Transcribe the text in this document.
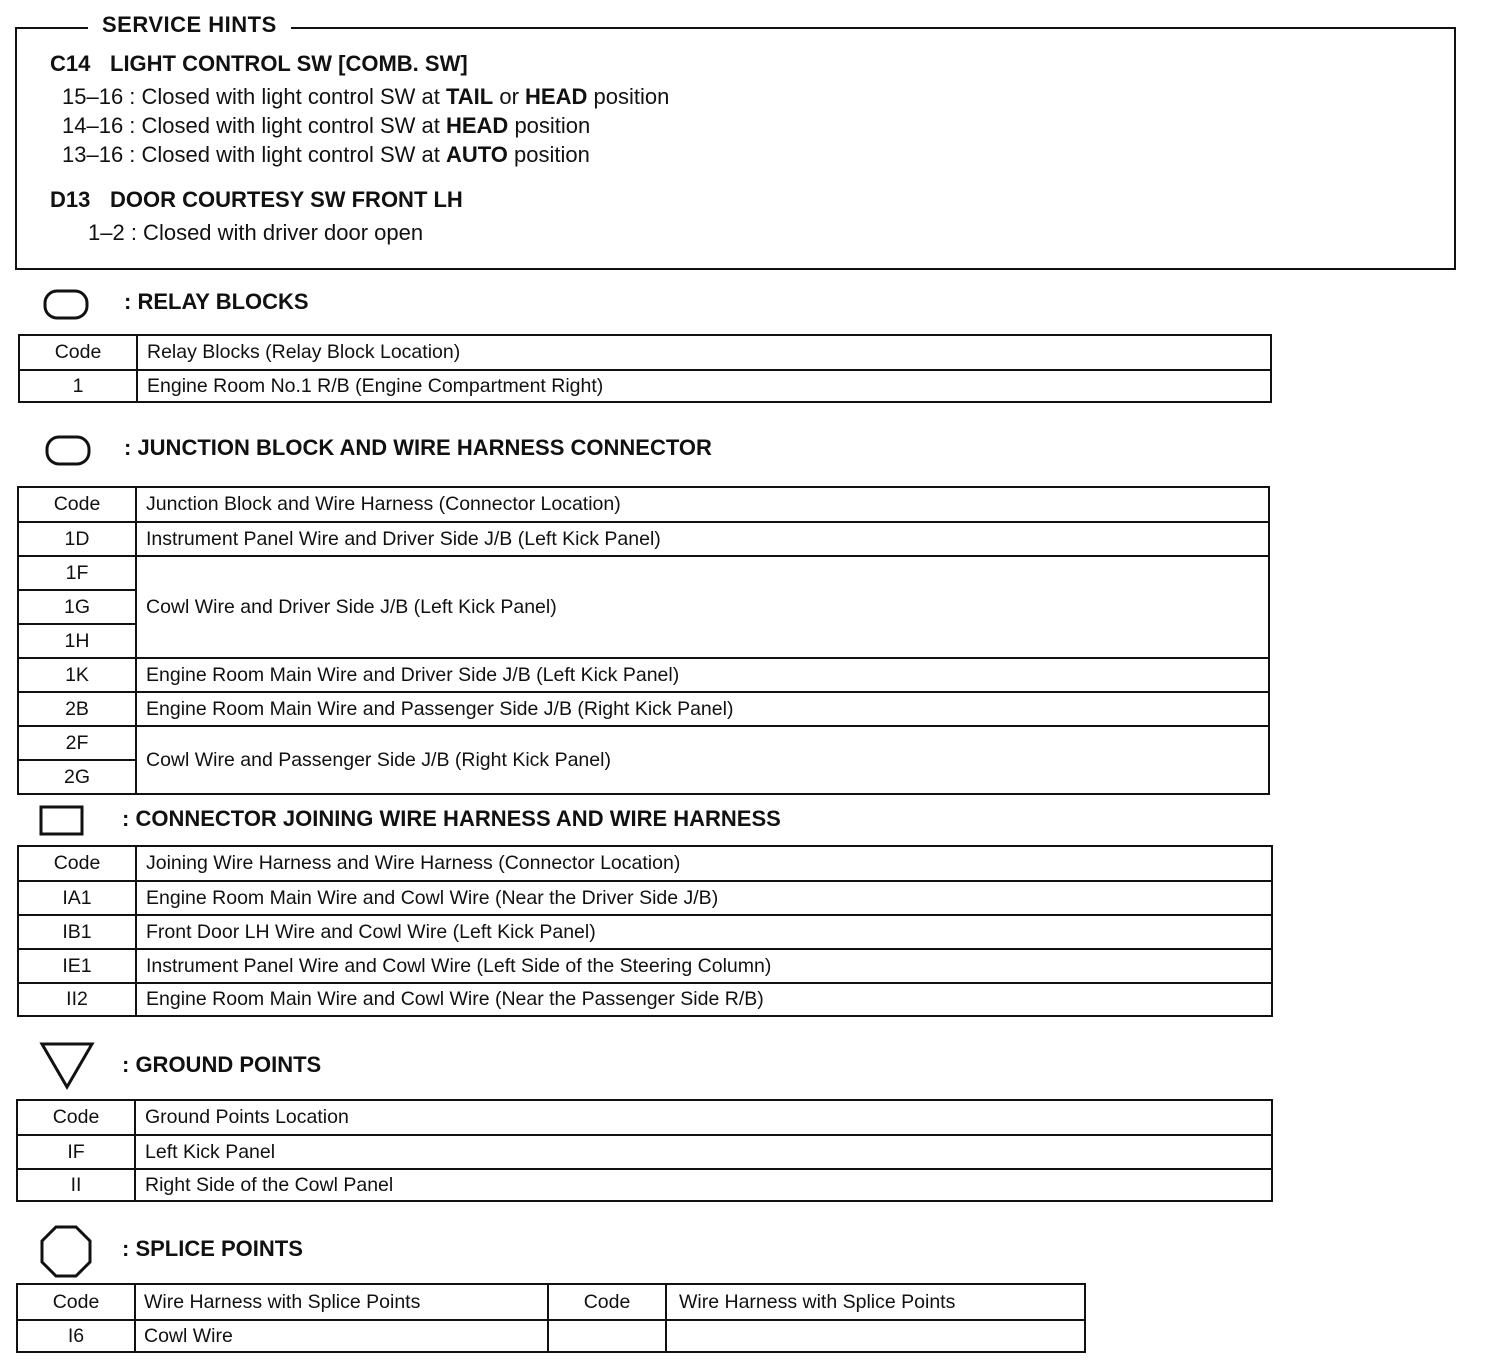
SERVICE HINTS
C14 LIGHT CONTROL SW [COMB. SW]
15–16 : Closed with light control SW at TAIL or HEAD position
14–16 : Closed with light control SW at HEAD position
13–16 : Closed with light control SW at AUTO position
D13 DOOR COURTESY SW FRONT LH
1–2 : Closed with driver door open
: RELAY BLOCKS
Code	Relay Blocks (Relay Block Location)
1	Engine Room No.1 R/B (Engine Compartment Right)
: JUNCTION BLOCK AND WIRE HARNESS CONNECTOR
Code	Junction Block and Wire Harness (Connector Location)
1D	Instrument Panel Wire and Driver Side J/B (Left Kick Panel)
1F	Cowl Wire and Driver Side J/B (Left Kick Panel)
1G	
1H	
1K	Engine Room Main Wire and Driver Side J/B (Left Kick Panel)
2B	Engine Room Main Wire and Passenger Side J/B (Right Kick Panel)
2F	Cowl Wire and Passenger Side J/B (Right Kick Panel)
2G	
: CONNECTOR JOINING WIRE HARNESS AND WIRE HARNESS
Code	Joining Wire Harness and Wire Harness (Connector Location)
IA1	Engine Room Main Wire and Cowl Wire (Near the Driver Side J/B)
IB1	Front Door LH Wire and Cowl Wire (Left Kick Panel)
IE1	Instrument Panel Wire and Cowl Wire (Left Side of the Steering Column)
II2	Engine Room Main Wire and Cowl Wire (Near the Passenger Side R/B)
: GROUND POINTS
Code	Ground Points Location
IF	Left Kick Panel
II	Right Side of the Cowl Panel
: SPLICE POINTS
Code	Wire Harness with Splice Points	Code	Wire Harness with Splice Points
I6	Cowl Wire		
